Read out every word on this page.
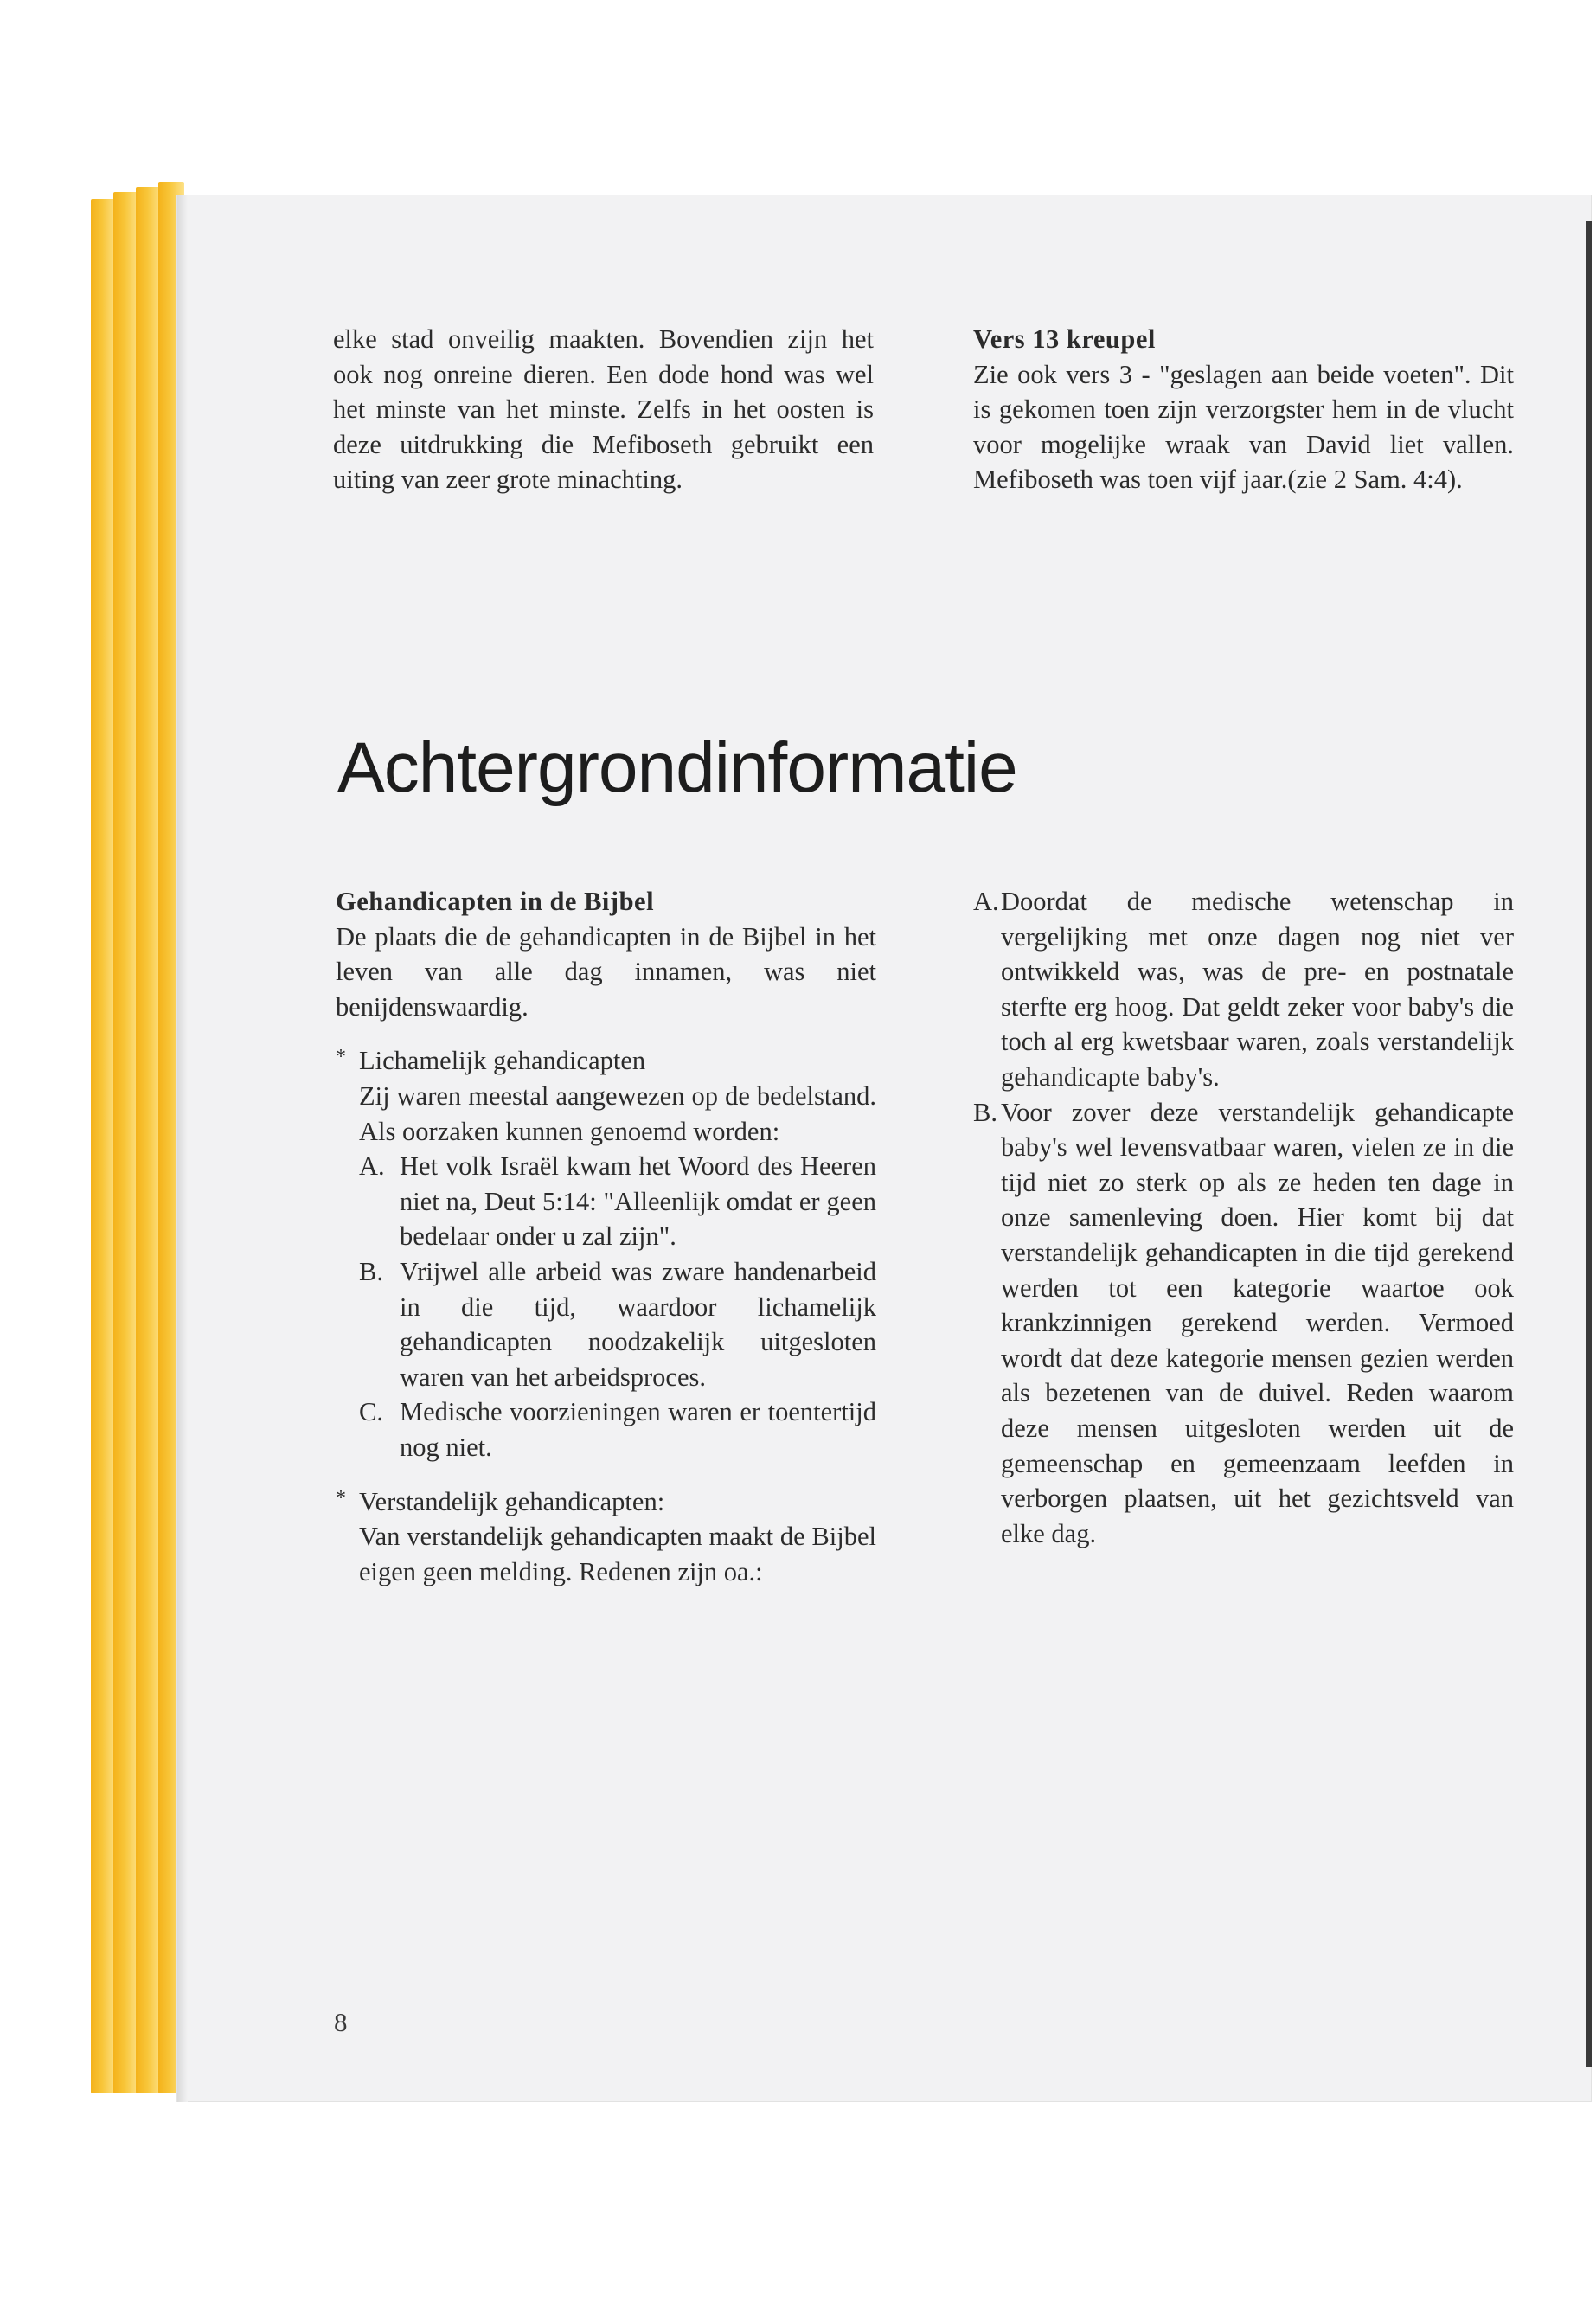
elke stad onveilig maakten. Bovendien zijn het ook nog onreine dieren. Een dode hond was wel het minste van het minste. Zelfs in het oosten is deze uitdrukking die Mefiboseth gebruikt een uiting van zeer grote minachting.

Vers 13 kreupel

Zie ook vers 3 - "geslagen aan beide voeten". Dit is gekomen toen zijn verzorgster hem in de vlucht voor mogelijke wraak van David liet vallen. Mefiboseth was toen vijf jaar.(zie 2 Sam. 4:4).

Achtergrondinformatie

Gehandicapten in de Bijbel

De plaats die de gehandicapten in de Bijbel in het leven van alle dag innamen, was niet benijdenswaardig.

* Lichamelijk gehandicapten

Zij waren meestal aangewezen op de bedelstand. Als oorzaken kunnen genoemd worden:

A. Het volk Israël kwam het Woord des Heeren niet na, Deut 5:14: "Alleenlijk omdat er geen bedelaar onder u zal zijn".

B. Vrijwel alle arbeid was zware handenarbeid in die tijd, waardoor lichamelijk gehandicapten noodzakelijk uitgesloten waren van het arbeidsproces.

C. Medische voorzieningen waren er toentertijd nog niet.

* Verstandelijk gehandicapten:

Van verstandelijk gehandicapten maakt de Bijbel eigen geen melding. Redenen zijn oa.:

A. Doordat de medische wetenschap in vergelijking met onze dagen nog niet ver ontwikkeld was, was de pre- en postnatale sterfte erg hoog. Dat geldt zeker voor baby's die toch al erg kwetsbaar waren, zoals verstandelijk gehandicapte baby's.

B. Voor zover deze verstandelijk gehandicapte baby's wel levensvatbaar waren, vielen ze in die tijd niet zo sterk op als ze heden ten dage in onze samenleving doen. Hier komt bij dat verstandelijk gehandicapten in die tijd gerekend werden tot een kategorie waartoe ook krankzinnigen gerekend werden. Vermoed wordt dat deze kategorie mensen gezien werden als bezetenen van de duivel. Reden waarom deze mensen uitgesloten werden uit de gemeenschap en gemeenzaam leefden in verborgen plaatsen, uit het gezichtsveld van elke dag.

8
